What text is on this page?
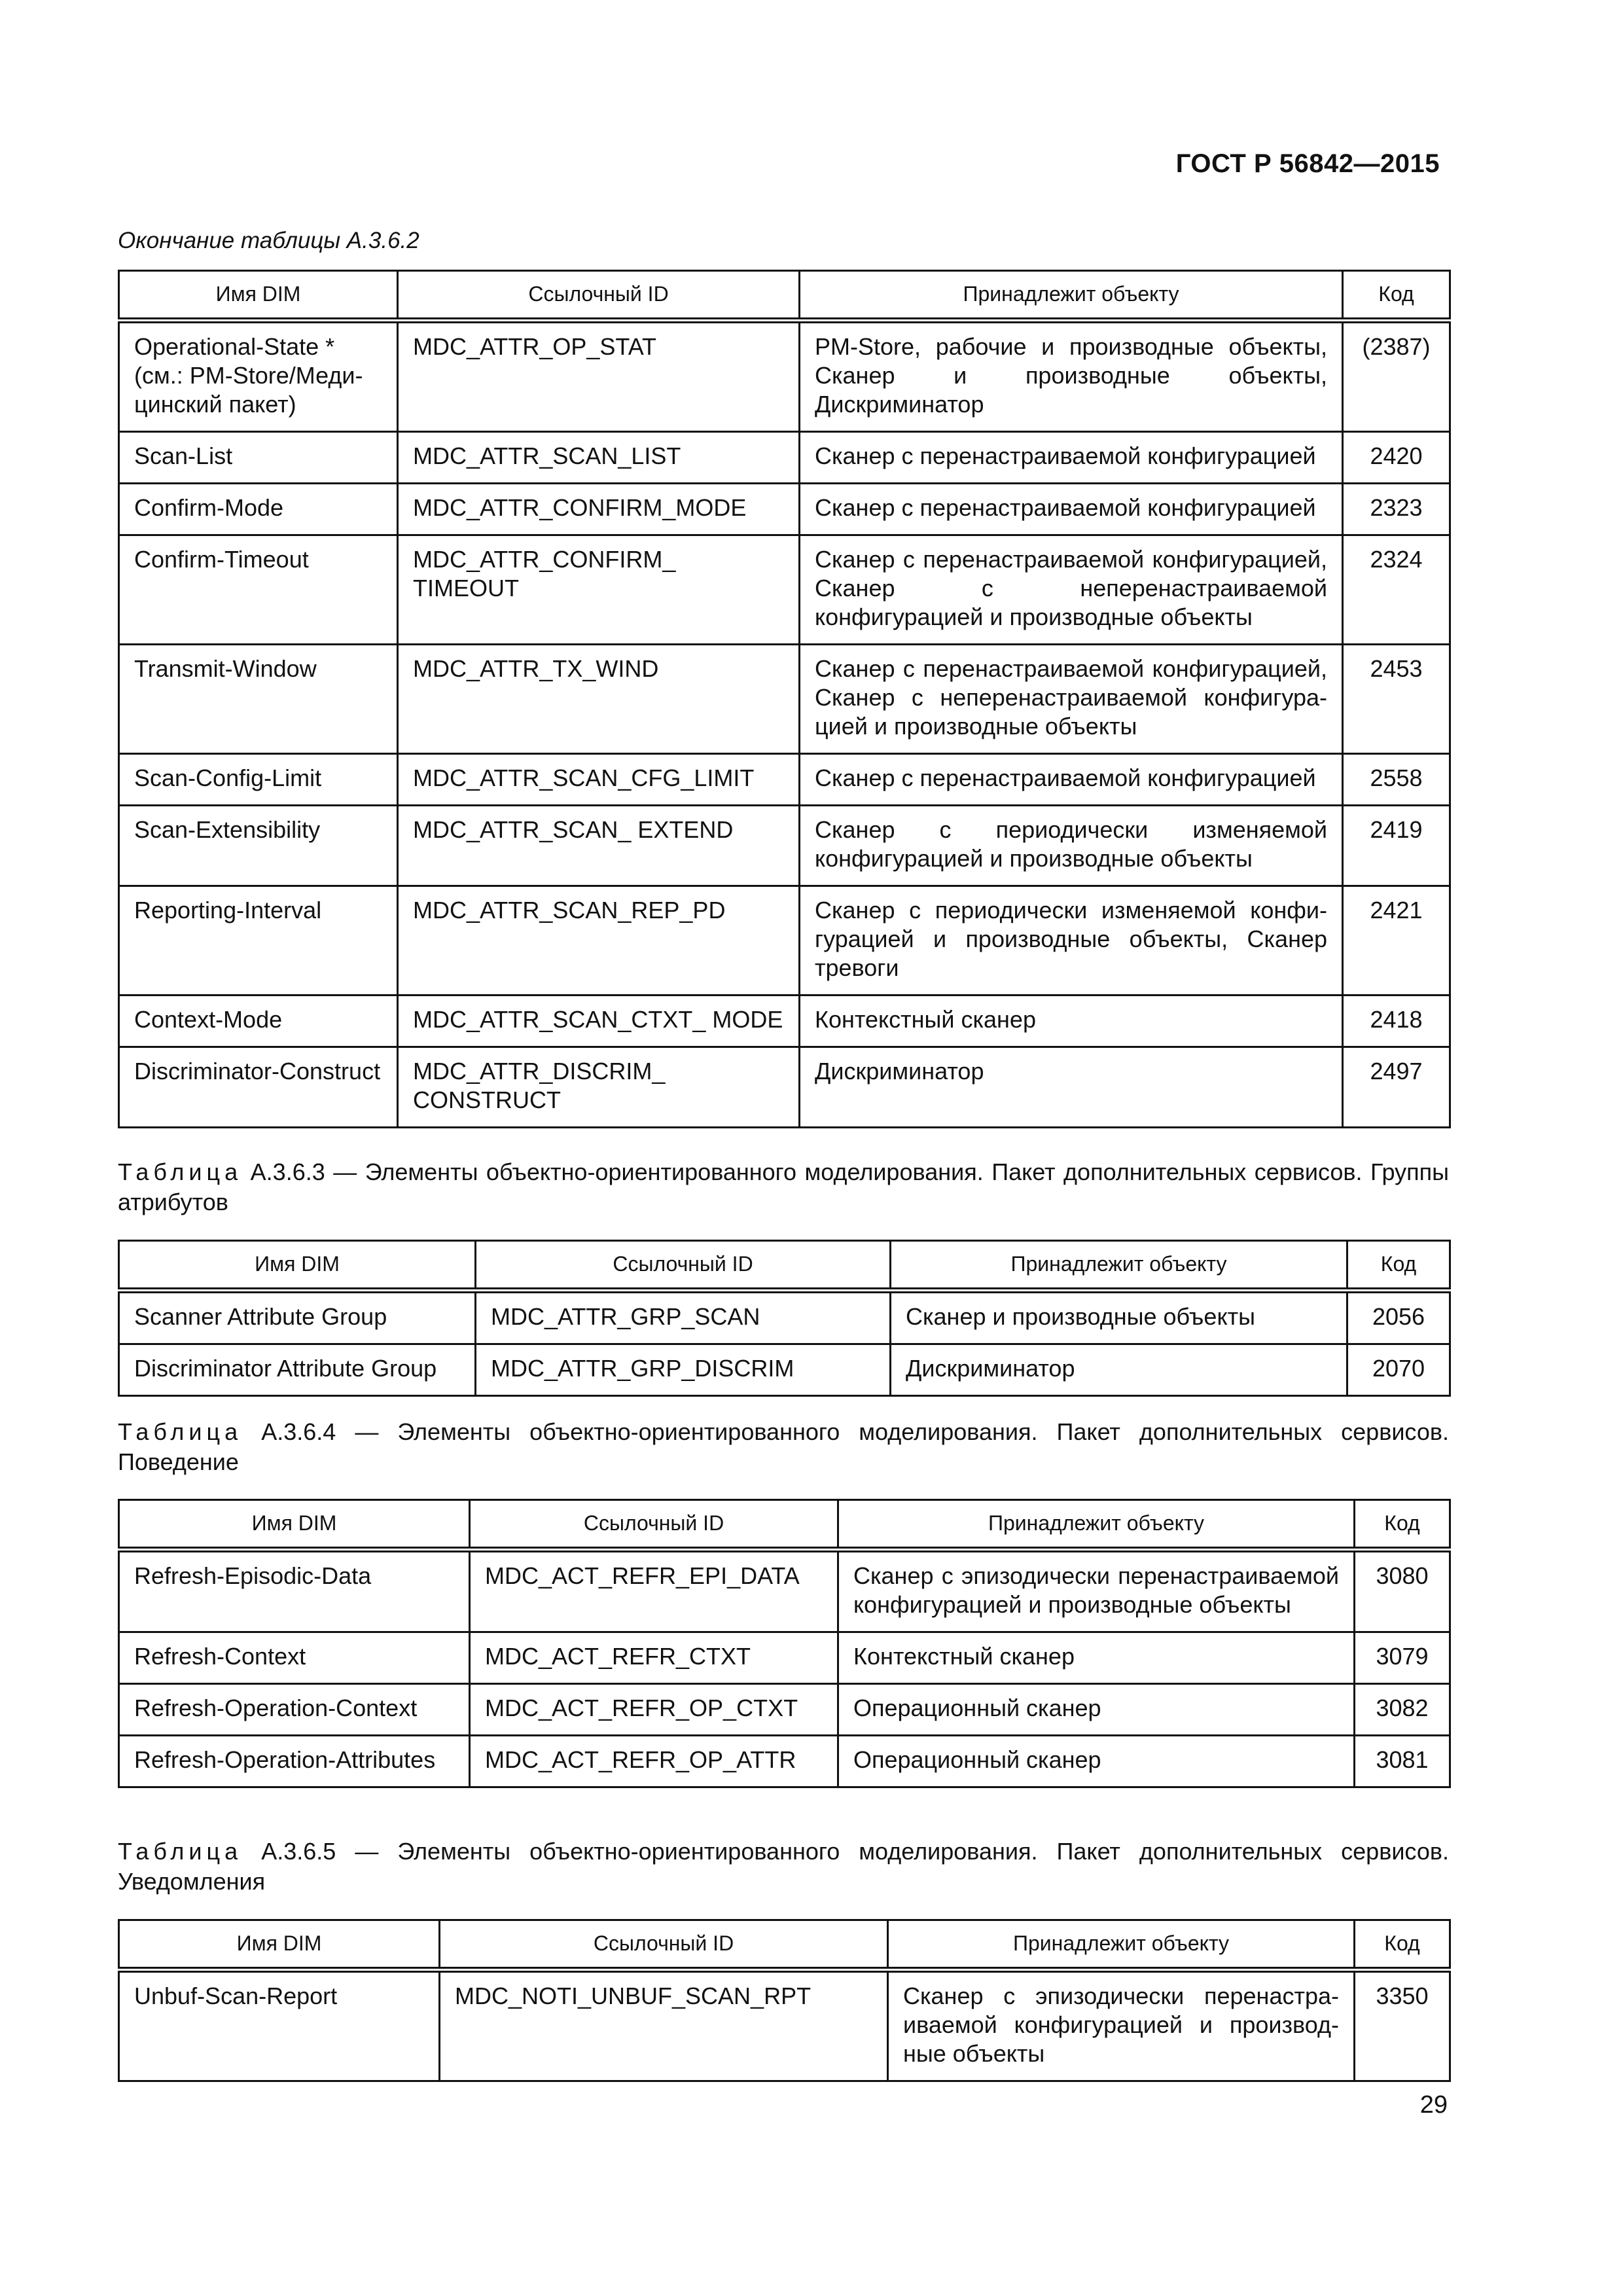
ГОСТ Р 56842—2015
Окончание таблицы А.3.6.2
Имя DIM	Ссылочный ID	Принадлежит объекту	Код
Operational-State * (см.: PM-Store/Медицинский пакет)	MDC_ATTR_OP_STAT	PM-Store, рабочие и производные объекты, Сканер и производные объекты, Дискриминатор	(2387)
Scan-List	MDC_ATTR_SCAN_LIST	Сканер с перенастраиваемой конфигурацией	2420
Confirm-Mode	MDC_ATTR_CONFIRM_MODE	Сканер с перенастраиваемой конфигурацией	2323
Confirm-Timeout	MDC_ATTR_CONFIRM_ TIMEOUT	Сканер с перенастраиваемой конфигурацией, Сканер с неперенастраиваемой конфигурацией и производные объекты	2324
Transmit-Window	MDC_ATTR_TX_WIND	Сканер с перенастраиваемой конфигурацией, Сканер с неперенастраиваемой конфигурацией и производные объекты	2453
Scan-Config-Limit	MDC_ATTR_SCAN_CFG_LIMIT	Сканер с перенастраиваемой конфигурацией	2558
Scan-Extensibility	MDC_ATTR_SCAN_ EXTEND	Сканер с периодически изменяемой конфигурацией и производные объекты	2419
Reporting-Interval	MDC_ATTR_SCAN_REP_PD	Сканер с периодически изменяемой конфигурацией и производные объекты, Сканер тревоги	2421
Context-Mode	MDC_ATTR_SCAN_CTXT_ MODE	Контекстный сканер	2418
Discriminator-Construct	MDC_ATTR_DISCRIM_ CONSTRUCT	Дискриминатор	2497
Таблица А.3.6.3 — Элементы объектно-ориентированного моделирования. Пакет дополнительных сервисов. Группы атрибутов
Имя DIM	Ссылочный ID	Принадлежит объекту	Код
Scanner Attribute Group	MDC_ATTR_GRP_SCAN	Сканер и производные объекты	2056
Discriminator Attribute Group	MDC_ATTR_GRP_DISCRIM	Дискриминатор	2070
Таблица А.3.6.4 — Элементы объектно-ориентированного моделирования. Пакет дополнительных сервисов. Поведение
Имя DIM	Ссылочный ID	Принадлежит объекту	Код
Refresh-Episodic-Data	MDC_ACT_REFR_EPI_DATA	Сканер с эпизодически перенастраиваемой конфигурацией и производные объекты	3080
Refresh-Context	MDC_ACT_REFR_CTXT	Контекстный сканер	3079
Refresh-Operation-Context	MDC_ACT_REFR_OP_CTXT	Операционный сканер	3082
Refresh-Operation-Attributes	MDC_ACT_REFR_OP_ATTR	Операционный сканер	3081
Таблица А.3.6.5 — Элементы объектно-ориентированного моделирования. Пакет дополнительных сервисов. Уведомления
Имя DIM	Ссылочный ID	Принадлежит объекту	Код
Unbuf-Scan-Report	MDC_NOTI_UNBUF_SCAN_RPT	Сканер с эпизодически перенастраиваемой конфигурацией и производные объекты	3350
29
